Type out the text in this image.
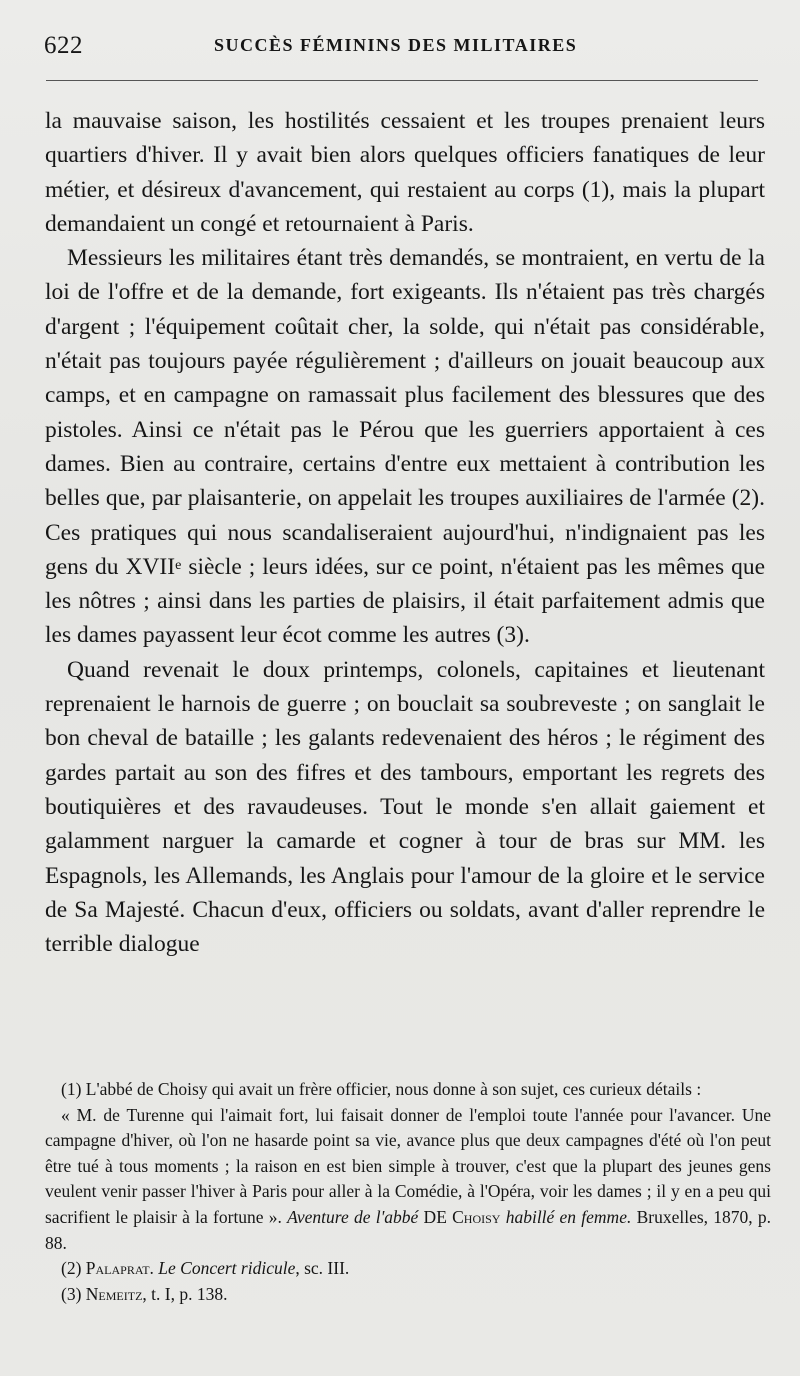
622	SUCCÈS FÉMININS DES MILITAIRES

la mauvaise saison, les hostilités cessaient et les troupes prenaient leurs quartiers d'hiver. Il y avait bien alors quelques officiers fanatiques de leur métier, et désireux d'avancement, qui restaient au corps (1), mais la plupart demandaient un congé et retournaient à Paris.

Messieurs les militaires étant très demandés, se montraient, en vertu de la loi de l'offre et de la demande, fort exigeants. Ils n'étaient pas très chargés d'argent ; l'équipement coûtait cher, la solde, qui n'était pas considérable, n'était pas toujours payée régulièrement ; d'ailleurs on jouait beaucoup aux camps, et en campagne on ramassait plus facilement des blessures que des pistoles. Ainsi ce n'était pas le Pérou que les guerriers apportaient à ces dames. Bien au contraire, certains d'entre eux mettaient à contribution les belles que, par plaisanterie, on appelait les troupes auxiliaires de l'armée (2). Ces pratiques qui nous scandaliseraient aujourd'hui, n'indignaient pas les gens du XVIIe siècle ; leurs idées, sur ce point, n'étaient pas les mêmes que les nôtres ; ainsi dans les parties de plaisirs, il était parfaitement admis que les dames payassent leur écot comme les autres (3).

Quand revenait le doux printemps, colonels, capitaines et lieutenant reprenaient le harnois de guerre ; on bouclait sa soubreveste ; on sanglait le bon cheval de bataille ; les galants redevenaient des héros ; le régiment des gardes partait au son des fifres et des tambours, emportant les regrets des boutiquières et des ravaudeuses. Tout le monde s'en allait gaiement et galamment narguer la camarde et cogner à tour de bras sur MM. les Espagnols, les Allemands, les Anglais pour l'amour de la gloire et le service de Sa Majesté. Chacun d'eux, officiers ou soldats, avant d'aller reprendre le terrible dialogue

(1) L'abbé de Choisy qui avait un frère officier, nous donne à son sujet, ces curieux détails :

« M. de Turenne qui l'aimait fort, lui faisait donner de l'emploi toute l'année pour l'avancer. Une campagne d'hiver, où l'on ne hasarde point sa vie, avance plus que deux campagnes d'été où l'on peut être tué à tous moments ; la raison en est bien simple à trouver, c'est que la plupart des jeunes gens veulent venir passer l'hiver à Paris pour aller à la Comédie, à l'Opéra, voir les dames ; il y en a peu qui sacrifient le plaisir à la fortune ». Aventure de l'abbé DE Choisy habillé en femme. Bruxelles, 1870, p. 88.

(2) Palaprat. Le Concert ridicule, sc. III.

(3) Nemeitz, t. I, p. 138.
